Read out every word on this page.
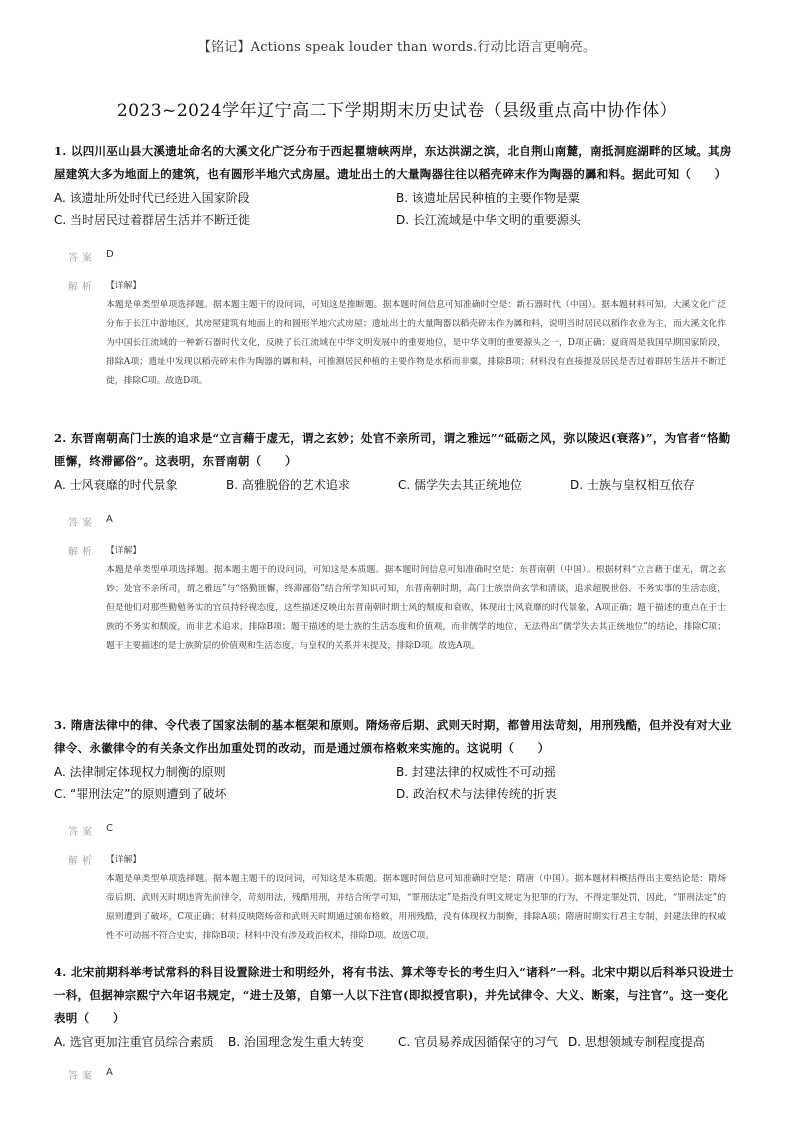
【铭记】Actions speak louder than words.行动比语言更响亮。
2023~2024学年辽宁高二下学期期末历史试卷（县级重点高中协作体）

1. 以四川巫山县大溪遗址命名的大溪文化广泛分布于西起瞿塘峡两岸，东达洪湖之滨，北自荆山南麓，南抵洞庭湖畔的区域。其房屋建筑大多为地面上的建筑，也有圆形半地穴式房屋。遗址出土的大量陶器往往以稻壳碎末作为陶器的羼和料。据此可知（　　）

A. 该遗址所处时代已经进入国家阶段	B. 该遗址居民种植的主要作物是粟
C. 当时居民过着群居生活并不断迁徙	D. 长江流域是中华文明的重要源头
答案 D
解析 【详解】
本题是单类型单项选择题。据本题主题干的设问词，可知这是推断题。据本题时间信息可知准确时空是：新石器时代（中国）。据本题材料可知，大溪文化广泛分布于长江中游地区，其房屋建筑有地面上的和圆形半地穴式房屋；遗址出土的大量陶器以稻壳碎末作为羼和料，说明当时居民以稻作农业为主，而大溪文化作为中国长江流域的一种新石器时代文化，反映了长江流域在中华文明发展中的重要地位，是中华文明的重要源头之一，D项正确；夏商周是我国早期国家阶段，排除A项；遗址中发现以稻壳碎末作为陶器的羼和料，可推测居民种植的主要作物是水稻而非粟，排除B项；材料没有直接提及居民是否过着群居生活并不断迁徙，排除C项。故选D项。

2. 东晋南朝高门士族的追求是“立言藉于虚无，谓之玄妙；处官不亲所司，谓之雅远”“砥砺之风，弥以陵迟(衰落)”，为官者“恪勤匪懈，终滞鄙俗”。这表明，东晋南朝（　　）

A. 士风衰靡的时代景象	B. 高雅脱俗的艺术追求	C. 儒学失去其正统地位	D. 士族与皇权相互依存
答案 A
解析 【详解】
本题是单类型单项选择题。据本题主题干的设问词，可知这是本质题。据本题时间信息可知准确时空是：东晋南朝（中国）。根据材料“立言藉于虚无，谓之玄妙；处官不亲所司，谓之雅远”与“恪勤匪懈，终滞鄙俗”结合所学知识可知，东晋南朝时期，高门士族崇尚玄学和清谈，追求超脱世俗、不务实事的生活态度，但是他们对那些勤勉务实的官员持轻视态度，这些描述反映出东晋南朝时期士风的颓废和衰败，体现出士风衰靡的时代景象，A项正确；题干描述的重点在于士族的不务实和颓废，而非艺术追求，排除B项；题干描述的是士族的生活态度和价值观，而非儒学的地位，无法得出“儒学失去其正统地位”的结论，排除C项；题干主要描述的是士族阶层的价值观和生活态度，与皇权的关系并未提及，排除D项。故选A项。

3. 隋唐法律中的律、令代表了国家法制的基本框架和原则。隋炀帝后期、武则天时期，都曾用法苛刻，用刑残酷，但并没有对大业律令、永徽律令的有关条文作出加重处罚的改动，而是通过颁布格敕来实施的。这说明（　　）

A. 法律制定体现权力制衡的原则	B. 封建法律的权威性不可动摇
C. “罪刑法定”的原则遭到了破坏	D. 政治权术与法律传统的折衷
答案 C
解析 【详解】
本题是单类型单项选择题。据本题主题干的设问词，可知这是本质题。据本题时间信息可知准确时空是：隋唐（中国）。据本题材料概括得出主要结论是：隋炀帝后期、武则天时期违背先前律令，苛刻用法，残酷用刑，并结合所学可知，“罪刑法定”是指没有明文规定为犯罪的行为，不得定罪处罚，因此，“罪刑法定”的原则遭到了破坏，C项正确；材料反映隋炀帝和武则天时期通过颁布格敕，用刑残酷，没有体现权力制衡，排除A项；隋唐时期实行君主专制，封建法律的权威性不可动摇不符合史实，排除B项；材料中没有涉及政治权术，排除D项。故选C项。

4. 北宋前期科举考试常科的科目设置除进士和明经外，将有书法、算术等专长的考生归入“诸科”一科。北宋中期以后科举只设进士一科，但据神宗熙宁六年诏书规定，“进士及第，自第一人以下注官(即拟授官职)，并先试律令、大义、断案，与注官”。这一变化表明（　　）

A. 选官更加注重官员综合素质	B. 治国理念发生重大转变	C. 官员易养成因循保守的习气 D. 思想领域专制程度提高
答案 A
